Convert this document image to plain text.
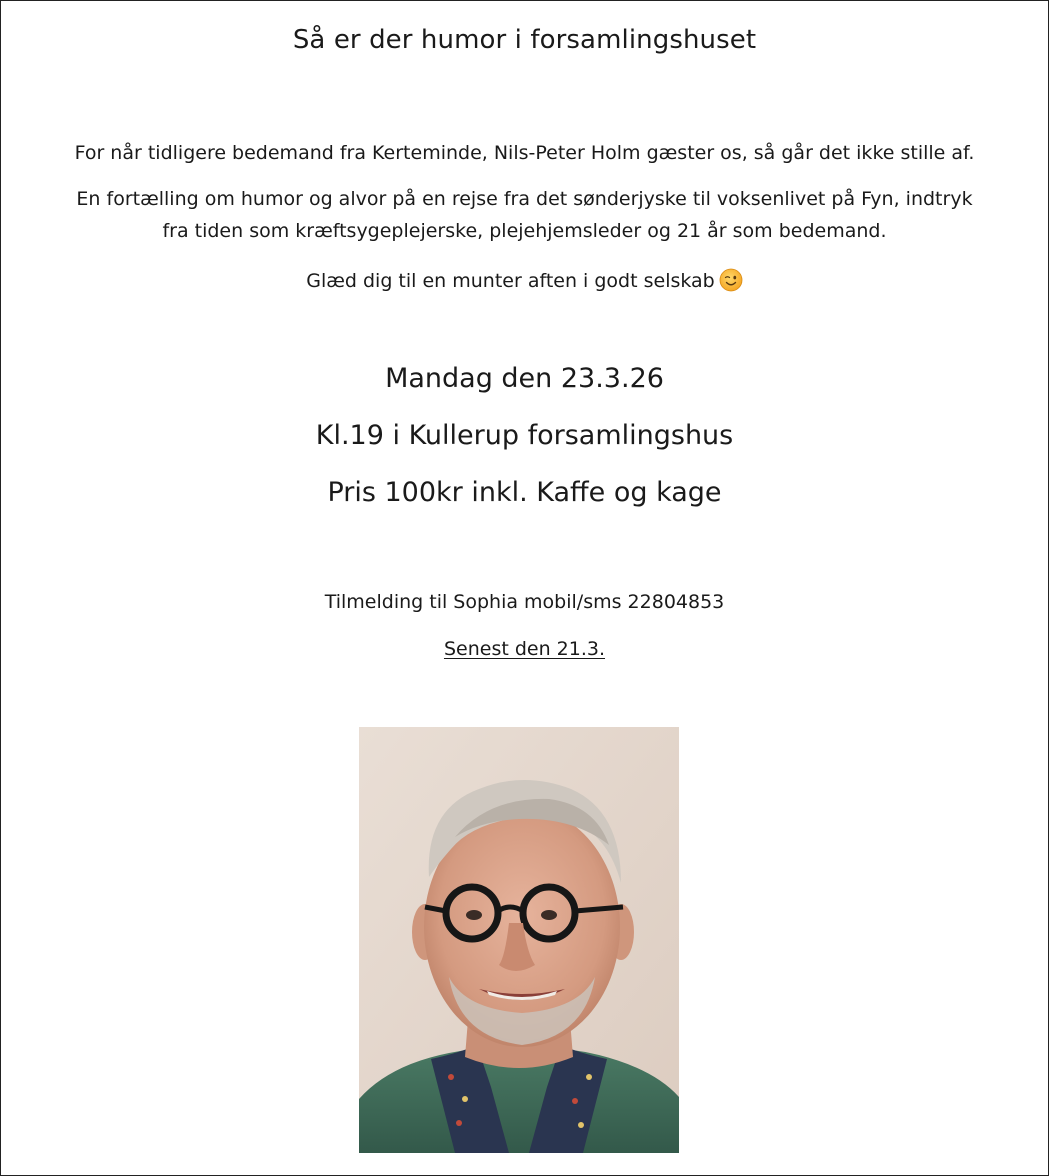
Så er der humor i forsamlingshuset
For når tidligere bedemand fra Kerteminde, Nils-Peter Holm gæster os, så går det ikke stille af.
En fortælling om humor og alvor på en rejse fra det sønderjyske til voksenlivet på Fyn, indtryk
fra tiden som kræftsygeplejerske, plejehjemsleder og 21 år som bedemand.
Glæd dig til en munter aften i godt selskab
Mandag den 23.3.26
Kl.19 i Kullerup forsamlingshus
Pris 100kr inkl. Kaffe og kage
Tilmelding til Sophia mobil/sms 22804853
Senest den 21.3.
